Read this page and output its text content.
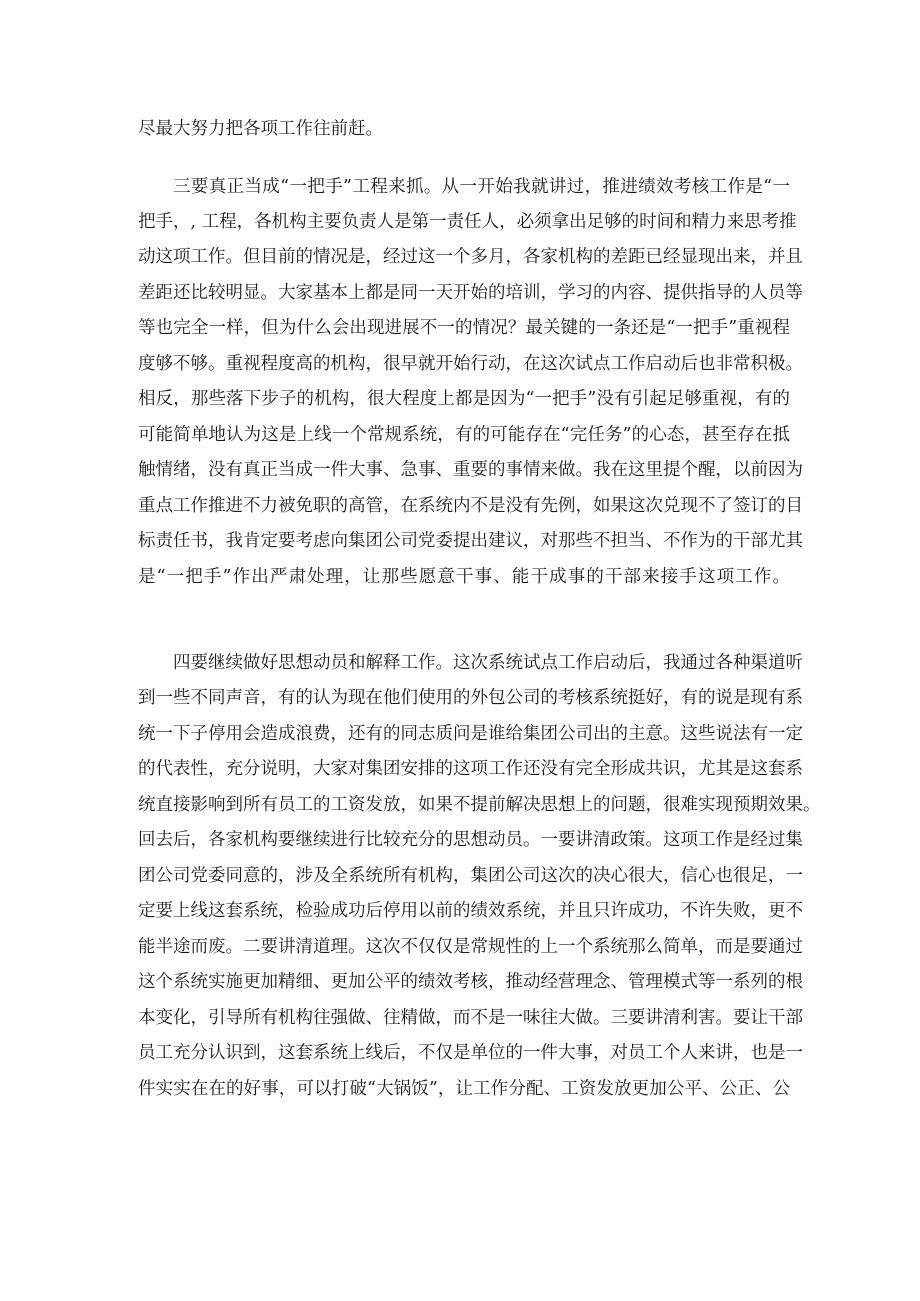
尽最大努力把各项工作往前赶。
三要真正当成“一把手”工程来抓。从一开始我就讲过，推进绩效考核工作是“一
把手，, 工程，各机构主要负责人是第一责任人，必须拿出足够的时间和精力来思考推
动这项工作。但目前的情况是，经过这一个多月，各家机构的差距已经显现出来，并且
差距还比较明显。大家基本上都是同一天开始的培训，学习的内容、提供指导的人员等
等也完全一样，但为什么会出现进展不一的情况？最关键的一条还是“一把手”重视程
度够不够。重视程度高的机构，很早就开始行动，在这次试点工作启动后也非常积极。
相反，那些落下步子的机构，很大程度上都是因为“一把手”没有引起足够重视，有的
可能简单地认为这是上线一个常规系统，有的可能存在“完任务”的心态，甚至存在抵
触情绪，没有真正当成一件大事、急事、重要的事情来做。我在这里提个醒，以前因为
重点工作推进不力被免职的高管，在系统内不是没有先例，如果这次兑现不了签订的目
标责任书，我肯定要考虑向集团公司党委提出建议，对那些不担当、不作为的干部尤其
是“一把手”作出严肃处理，让那些愿意干事、能干成事的干部来接手这项工作。
四要继续做好思想动员和解释工作。这次系统试点工作启动后，我通过各种渠道听
到一些不同声音，有的认为现在他们使用的外包公司的考核系统挺好，有的说是现有系
统一下子停用会造成浪费，还有的同志质问是谁给集团公司出的主意。这些说法有一定
的代表性，充分说明，大家对集团安排的这项工作还没有完全形成共识，尤其是这套系
统直接影响到所有员工的工资发放，如果不提前解决思想上的问题，很难实现预期效果。
回去后，各家机构要继续进行比较充分的思想动员。一要讲清政策。这项工作是经过集
团公司党委同意的，涉及全系统所有机构，集团公司这次的决心很大，信心也很足，一
定要上线这套系统，检验成功后停用以前的绩效系统，并且只许成功，不许失败，更不
能半途而废。二要讲清道理。这次不仅仅是常规性的上一个系统那么简单，而是要通过
这个系统实施更加精细、更加公平的绩效考核，推动经营理念、管理模式等一系列的根
本变化，引导所有机构往强做、往精做，而不是一味往大做。三要讲清利害。要让干部
员工充分认识到，这套系统上线后，不仅是单位的一件大事，对员工个人来讲，也是一
件实实在在的好事，可以打破“大锅饭”，让工作分配、工资发放更加公平、公正、公
